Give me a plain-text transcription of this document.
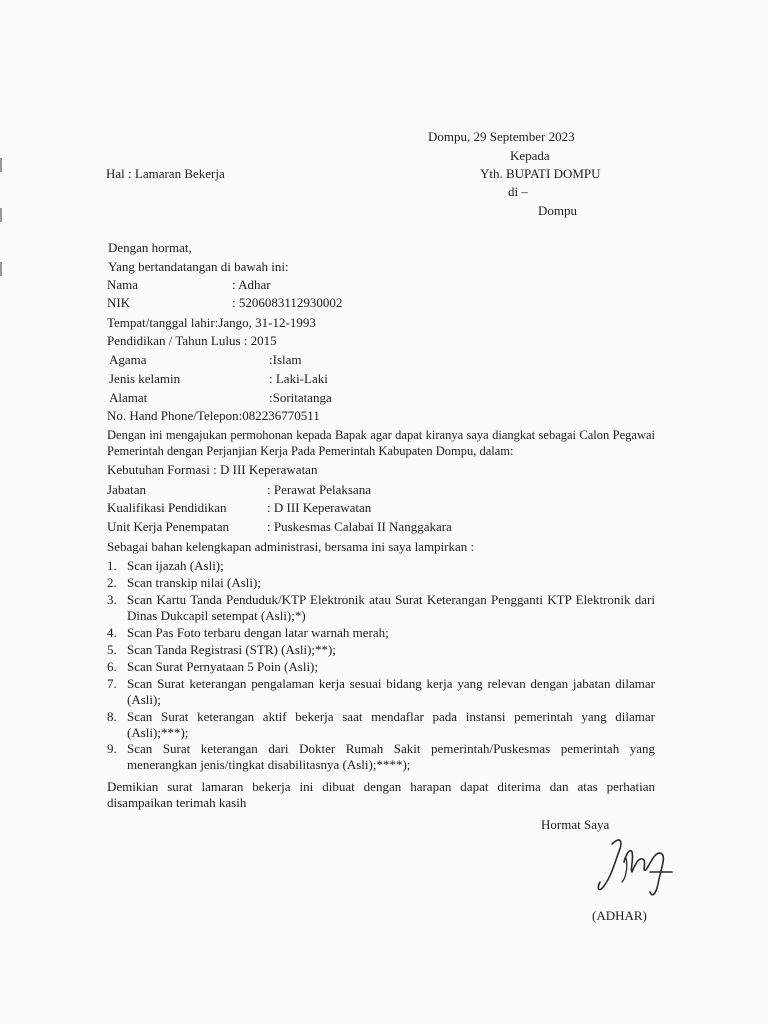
Dompu, 29 September 2023
Kepada
Hal : Lamaran Bekerja	Yth. BUPATI DOMPU
di –
Dompu
Dengan hormat,
Yang bertandatangan di bawah ini:
Nama	: Adhar
NIK	: 5206083112930002
Tempat/tanggal lahir:Jango, 31-12-1993
Pendidikan / Tahun Lulus : 2015
Agama	:Islam
Jenis kelamin	: Laki-Laki
Alamat	:Soritatanga
No. Hand Phone/Telepon:082236770511
Dengan ini mengajukan permohonan kepada Bapak agar dapat kiranya saya diangkat sebagai Calon Pegawai Pemerintah dengan Perjanjian Kerja Pada Pemerintah Kabupaten Dompu, dalam:
Kebutuhan Formasi : D III Keperawatan
Jabatan	: Perawat Pelaksana
Kualifikasi Pendidikan	: D III Keperawatan
Unit Kerja Penempatan	: Puskesmas Calabai II Nanggakara
Sebagai bahan kelengkapan administrasi, bersama ini saya lampirkan :
1. Scan ijazah (Asli);
2. Scan transkip nilai (Asli);
3. Scan Kartu Tanda Penduduk/KTP Elektronik atau Surat Keterangan Pengganti KTP Elektronik dari Dinas Dukcapil setempat (Asli);*)
4. Scan Pas Foto terbaru dengan latar warnah merah;
5. Scan Tanda Registrasi (STR) (Asli);**);
6. Scan Surat Pernyataan 5 Poin (Asli);
7. Scan Surat keterangan pengalaman kerja sesuai bidang kerja yang relevan dengan jabatan dilamar (Asli);
8. Scan Surat keterangan aktif bekerja saat mendaflar pada instansi pemerintah yang dilamar (Asli);***);
9. Scan Surat keterangan dari Dokter Rumah Sakit pemerintah/Puskesmas pemerintah yang menerangkan jenis/tingkat disabilitasnya (Asli);****);
Demikian surat lamaran bekerja ini dibuat dengan harapan dapat diterima dan atas perhatian disampaikan terimah kasih
Hormat Saya
(ADHAR)
